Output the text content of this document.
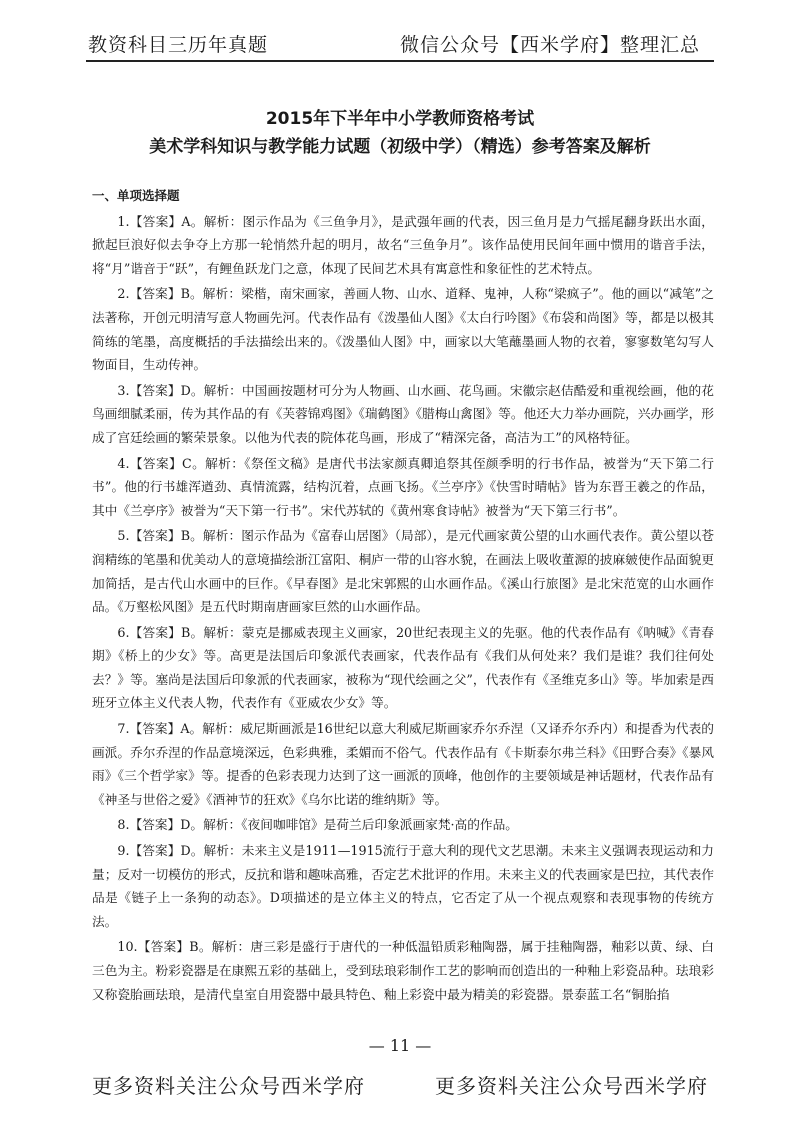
教资科目三历年真题	微信公众号【西米学府】整理汇总
2015年下半年中小学教师资格考试
美术学科知识与教学能力试题（初级中学）（精选）参考答案及解析
一、单项选择题

1.【答案】A。解析：图示作品为《三鱼争月》，是武强年画的代表，因三鱼月是力气摇尾翻身跃出水面，掀起巨浪好似去争夺上方那一轮悄然升起的明月，故名“三鱼争月”。该作品使用民间年画中惯用的谐音手法，将“月”谐音于“跃”，有鲤鱼跃龙门之意，体现了民间艺术具有寓意性和象征性的艺术特点。

2.【答案】B。解析：梁楷，南宋画家，善画人物、山水、道释、鬼神，人称“梁疯子”。他的画以“减笔”之法著称，开创元明清写意人物画先河。代表作品有《泼墨仙人图》《太白行吟图》《布袋和尚图》等，都是以极其简练的笔墨，高度概括的手法描绘出来的。《泼墨仙人图》中，画家以大笔蘸墨画人物的衣着，寥寥数笔勾写人物面目，生动传神。

3.【答案】D。解析：中国画按题材可分为人物画、山水画、花鸟画。宋徽宗赵佶酷爱和重视绘画，他的花鸟画细腻柔丽，传为其作品的有《芙蓉锦鸡图》《瑞鹤图》《腊梅山禽图》等。他还大力举办画院，兴办画学，形成了宫廷绘画的繁荣景象。以他为代表的院体花鸟画，形成了“精深完备，高洁为工”的风格特征。

4.【答案】C。解析：《祭侄文稿》是唐代书法家颜真卿追祭其侄颜季明的行书作品，被誉为“天下第二行书”。他的行书雄浑遒劲、真情流露，结构沉着，点画飞扬。《兰亭序》《快雪时晴帖》皆为东晋王羲之的作品，其中《兰亭序》被誉为“天下第一行书”。宋代苏轼的《黄州寒食诗帖》被誉为“天下第三行书”。

5.【答案】B。解析：图示作品为《富春山居图》（局部），是元代画家黄公望的山水画代表作。黄公望以苍润精练的笔墨和优美动人的意境描绘浙江富阳、桐庐一带的山容水貌，在画法上吸收董源的披麻皴使作品面貌更加简括，是古代山水画中的巨作。《早春图》是北宋郭熙的山水画作品。《溪山行旅图》是北宋范宽的山水画作品。《万壑松风图》是五代时期南唐画家巨然的山水画作品。

6.【答案】B。解析：蒙克是挪威表现主义画家，20世纪表现主义的先驱。他的代表作品有《呐喊》《青春期》《桥上的少女》等。高更是法国后印象派代表画家，代表作品有《我们从何处来？我们是谁？我们往何处去？》等。塞尚是法国后印象派的代表画家，被称为“现代绘画之父”，代表作有《圣维克多山》等。毕加索是西班牙立体主义代表人物，代表作有《亚威农少女》等。

7.【答案】A。解析：威尼斯画派是16世纪以意大利威尼斯画家乔尔乔涅（又译乔尔乔内）和提香为代表的画派。乔尔乔涅的作品意境深远，色彩典雅，柔媚而不俗气。代表作品有《卡斯泰尔弗兰科》《田野合奏》《暴风雨》《三个哲学家》等。提香的色彩表现力达到了这一画派的顶峰，他创作的主要领域是神话题材，代表作品有《神圣与世俗之爱》《酒神节的狂欢》《乌尔比诺的维纳斯》等。

8.【答案】D。解析：《夜间咖啡馆》是荷兰后印象派画家梵·高的作品。

9.【答案】D。解析：未来主义是1911—1915流行于意大利的现代文艺思潮。未来主义强调表现运动和力量；反对一切模仿的形式，反抗和谐和趣味高雅，否定艺术批评的作用。未来主义的代表画家是巴拉，其代表作品是《链子上一条狗的动态》。D项描述的是立体主义的特点，它否定了从一个视点观察和表现事物的传统方法。

10.【答案】B。解析：唐三彩是盛行于唐代的一种低温铅质彩釉陶器，属于挂釉陶器，釉彩以黄、绿、白三色为主。粉彩瓷器是在康熙五彩的基础上，受到珐琅彩制作工艺的影响而创造出的一种釉上彩瓷品种。珐琅彩又称瓷胎画珐琅，是清代皇室自用瓷器中最具特色、釉上彩瓷中最为精美的彩瓷器。景泰蓝工名“铜胎掐

— 11 —
更多资料关注公众号西米学府	更多资料关注公众号西米学府
